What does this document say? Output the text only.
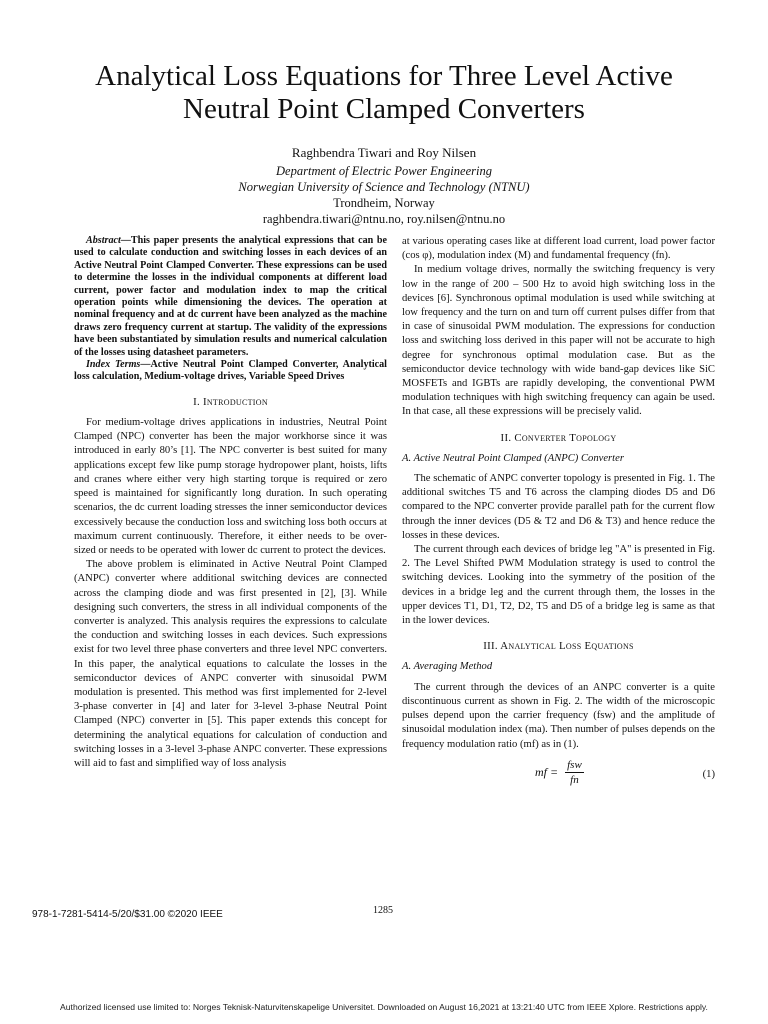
Analytical Loss Equations for Three Level Active
Neutral Point Clamped Converters
Raghbendra Tiwari and Roy Nilsen
Department of Electric Power Engineering
Norwegian University of Science and Technology (NTNU)
Trondheim, Norway
raghbendra.tiwari@ntnu.no, roy.nilsen@ntnu.no

Abstract—This paper presents the analytical expressions that can be used to calculate conduction and switching losses in each devices of an Active Neutral Point Clamped Converter. These expressions can be used to determine the losses in the individual components at different load current, power factor and modulation index to map the critical operation points while dimensioning the devices. The operation at nominal frequency and at dc current have been analyzed as the machine draws zero frequency current at startup. The validity of the expressions have been substantiated by simulation results and numerical calculation of the losses using datasheet parameters.

Index Terms—Active Neutral Point Clamped Converter, Analytical loss calculation, Medium-voltage drives, Variable Speed Drives

I. Introduction

For medium-voltage drives applications in industries, Neutral Point Clamped (NPC) converter has been the major workhorse since it was introduced in early 80’s [1]. The NPC converter is best suited for many applications except few like pump storage hydropower plant, hoists, lifts and cranes where either very high starting torque is required or zero speed is maintained for significantly long duration. In such operating scenarios, the dc current loading stresses the inner semiconductor devices excessively because the conduction loss and switching loss both occurs at maximum current continuously. Therefore, it either needs to be over-sized or needs to be operated with lower dc current to protect the devices.

The above problem is eliminated in Active Neutral Point Clamped (ANPC) converter where additional switching devices are connected across the clamping diode and was first presented in [2], [3]. While designing such converters, the stress in all individual components of the converter is analyzed. This analysis requires the expressions to calculate the conduction and switching losses in each devices. Such expressions exist for two level three phase converters and three level NPC converters. In this paper, the analytical equations to calculate the losses in the semiconductor devices of ANPC converter with sinusoidal PWM modulation is presented. This method was first implemented for 2-level 3-phase converter in [4] and later for 3-level 3-phase Neutral Point Clamped (NPC) converter in [5]. This paper extends this concept for determining the analytical equations for calculation of conduction and switching losses in a 3-level 3-phase ANPC converter. These expressions will aid to fast and simplified way of loss analysis

at various operating cases like at different load current, load power factor (cos φ), modulation index (M) and fundamental frequency (fn).

In medium voltage drives, normally the switching frequency is very low in the range of 200 – 500 Hz to avoid high switching loss in the devices [6]. Synchronous optimal modulation is used while switching at low frequency and the turn on and turn off current pulses differ from that in case of sinusoidal PWM modulation. The expressions for conduction loss and switching loss derived in this paper will not be accurate to high degree for synchronous optimal modulation case. But as the semiconductor device technology with wide band-gap devices like SiC MOSFETs and IGBTs are rapidly developing, the conventional PWM modulation techniques with high switching frequency can again be used. In that case, all these expressions will be precisely valid.

II. Converter Topology
A. Active Neutral Point Clamped (ANPC) Converter

The schematic of ANPC converter topology is presented in Fig. 1. The additional switches T5 and T6 across the clamping diodes D5 and D6 compared to the NPC converter provide parallel path for the current flow through the inner devices (D5 & T2 and D6 & T3) and hence reduce the losses in these devices.

The current through each devices of bridge leg "A" is presented in Fig. 2. The Level Shifted PWM Modulation strategy is used to control the switching devices. Looking into the symmetry of the position of the devices in a bridge leg and the current through them, the losses in the upper devices T1, D1, T2, D2, T5 and D5 of a bridge leg is same as that in the lower devices.

III. Analytical Loss Equations
A. Averaging Method

The current through the devices of an ANPC converter is a quite discontinuous current as shown in Fig. 2. The width of the microscopic pulses depend upon the carrier frequency (fsw) and the amplitude of sinusoidal modulation index (ma). Then number of pulses depends on the frequency modulation ratio (mf) as in (1).

mf = $\frac{\text{fsw}}{fn}$	(1)
978-1-7281-5414-5/20/$31.00 ©2020 IEEE	1285
Authorized licensed use limited to: Norges Teknisk-Naturvitenskapelige Universitet. Downloaded on August 16,2021 at 13:21:40 UTC from IEEE Xplore. Restrictions apply.
